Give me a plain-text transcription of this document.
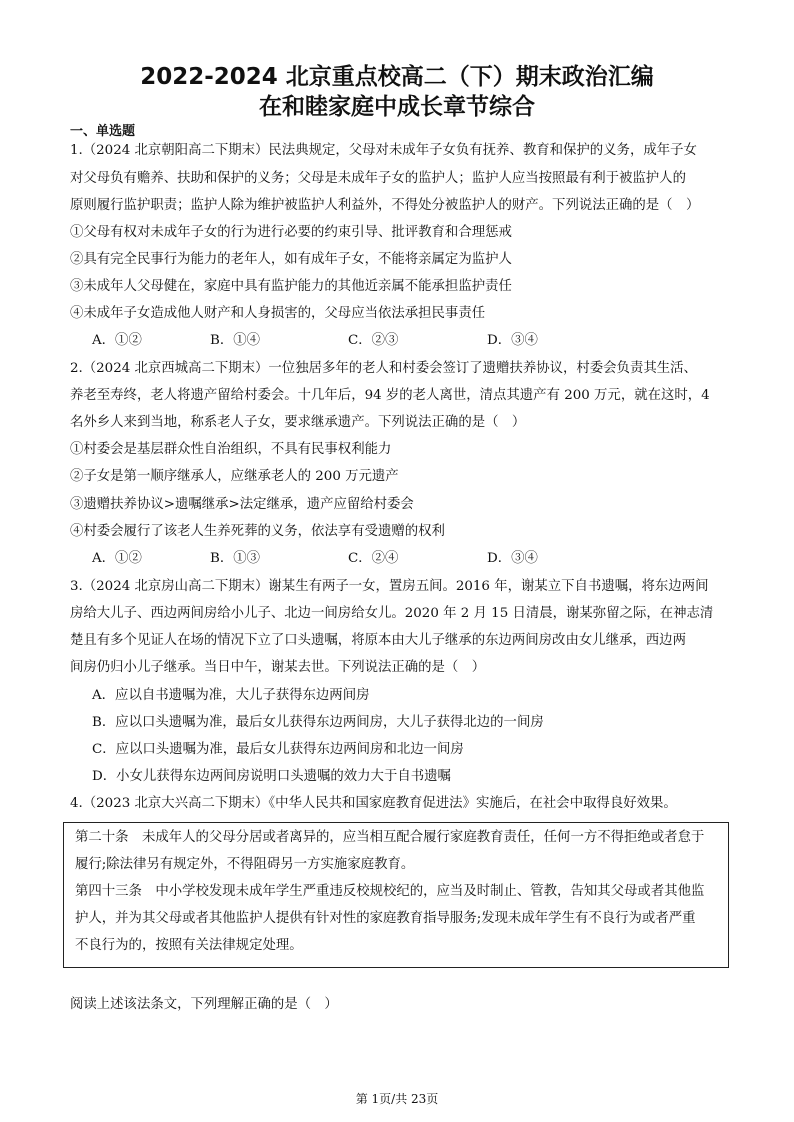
2022-2024 北京重点校高二（下）期末政治汇编
在和睦家庭中成长章节综合
一、单选题
1.（2024 北京朝阳高二下期末）民法典规定，父母对未成年子女负有抚养、教育和保护的义务，成年子女
对父母负有赡养、扶助和保护的义务；父母是未成年子女的监护人；监护人应当按照最有利于被监护人的
原则履行监护职责；监护人除为维护被监护人利益外，不得处分被监护人的财产。下列说法正确的是（　）
①父母有权对未成年子女的行为进行必要的约束引导、批评教育和合理惩戒
②具有完全民事行为能力的老年人，如有成年子女，不能将亲属定为监护人
③未成年人父母健在，家庭中具有监护能力的其他近亲属不能承担监护责任
④未成年子女造成他人财产和人身损害的，父母应当依法承担民事责任
A．①②	B．①④	C．②③	D．③④
2.（2024 北京西城高二下期末）一位独居多年的老人和村委会签订了遗赠扶养协议，村委会负责其生活、
养老至寿终，老人将遗产留给村委会。十几年后，94 岁的老人离世，清点其遗产有 200 万元，就在这时，4
名外乡人来到当地，称系老人子女，要求继承遗产。下列说法正确的是（　）
①村委会是基层群众性自治组织，不具有民事权利能力
②子女是第一顺序继承人，应继承老人的 200 万元遗产
③遗赠扶养协议>遗嘱继承>法定继承，遗产应留给村委会
④村委会履行了该老人生养死葬的义务，依法享有受遗赠的权利
A．①②	B．①③	C．②④	D．③④
3.（2024 北京房山高二下期末）谢某生有两子一女，置房五间。2016 年，谢某立下自书遗嘱，将东边两间
房给大儿子、西边两间房给小儿子、北边一间房给女儿。2020 年 2 月 15 日清晨，谢某弥留之际，在神志清
楚且有多个见证人在场的情况下立了口头遗嘱，将原本由大儿子继承的东边两间房改由女儿继承，西边两
间房仍归小儿子继承。当日中午，谢某去世。下列说法正确的是（　）
A．应以自书遗嘱为准，大儿子获得东边两间房
B．应以口头遗嘱为准，最后女儿获得东边两间房，大儿子获得北边的一间房
C．应以口头遗嘱为准，最后女儿获得东边两间房和北边一间房
D．小女儿获得东边两间房说明口头遗嘱的效力大于自书遗嘱
4.（2023 北京大兴高二下期末）《中华人民共和国家庭教育促进法》实施后，在社会中取得良好效果。
第二十条　未成年人的父母分居或者离异的，应当相互配合履行家庭教育责任，任何一方不得拒绝或者怠于
履行;除法律另有规定外，不得阻碍另一方实施家庭教育。
第四十三条　中小学校发现未成年学生严重违反校规校纪的，应当及时制止、管教，告知其父母或者其他监
护人，并为其父母或者其他监护人提供有针对性的家庭教育指导服务;发现未成年学生有不良行为或者严重
不良行为的，按照有关法律规定处理。
阅读上述该法条文，下列理解正确的是（　）
第 1页/共 23页
